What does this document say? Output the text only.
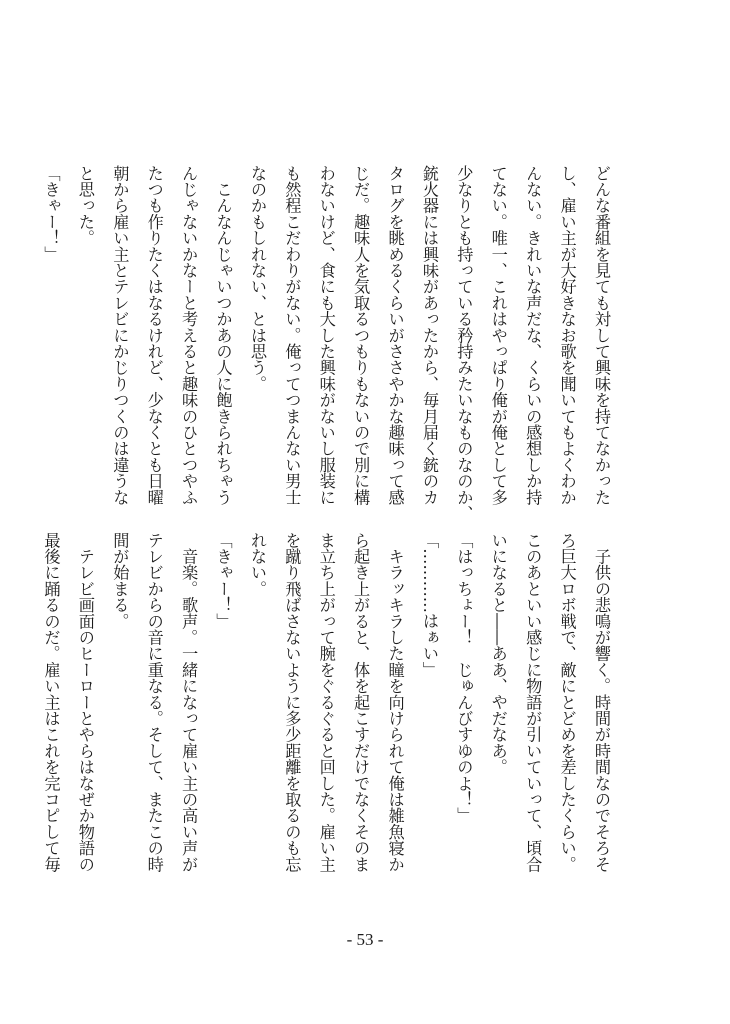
どんな番組を見ても対して興味を持てなかった
し、雇い主が大好きなお歌を聞いてもよくわか
んない。きれいな声だな、くらいの感想しか持
てない。唯一、これはやっぱり俺が俺として多
少なりとも持っている矜持みたいなものなのか、
銃火器には興味があったから、毎月届く銃のカ
タログを眺めるくらいがささやかな趣味って感
じだ。趣味人を気取るつもりもないので別に構
わないけど、食にも大した興味がないし服装に
も然程こだわりがない。俺ってつまんない男士
なのかもしれない、とは思う。
　こんなんじゃいつかあの人に飽きられちゃう
んじゃないかなーと考えると趣味のひとつやふ
たつも作りたくはなるけれど、少なくとも日曜
朝から雇い主とテレビにかじりつくのは違うな
と思った。
「きゃー！」
　子供の悲鳴が響く。時間が時間なのでそろそ
ろ巨大ロボ戦で、敵にとどめを差したくらい。
このあといい感じに物語が引いていって、頃合
いになると――ああ、やだなあ。
「はっちょー！　じゅんびすゆのよ！」
「…………はぁい」
　キラッキラした瞳を向けられて俺は雑魚寝か
ら起き上がると、体を起こすだけでなくそのま
ま立ち上がって腕をぐるぐると回した。雇い主
を蹴り飛ばさないように多少距離を取るのも忘
れない。
「きゃー！」
　音楽。歌声。一緒になって雇い主の高い声が
テレビからの音に重なる。そして、またこの時
間が始まる。
　テレビ画面のヒーローとやらはなぜか物語の
最後に踊るのだ。雇い主はこれを完コピして毎
- 53 -
